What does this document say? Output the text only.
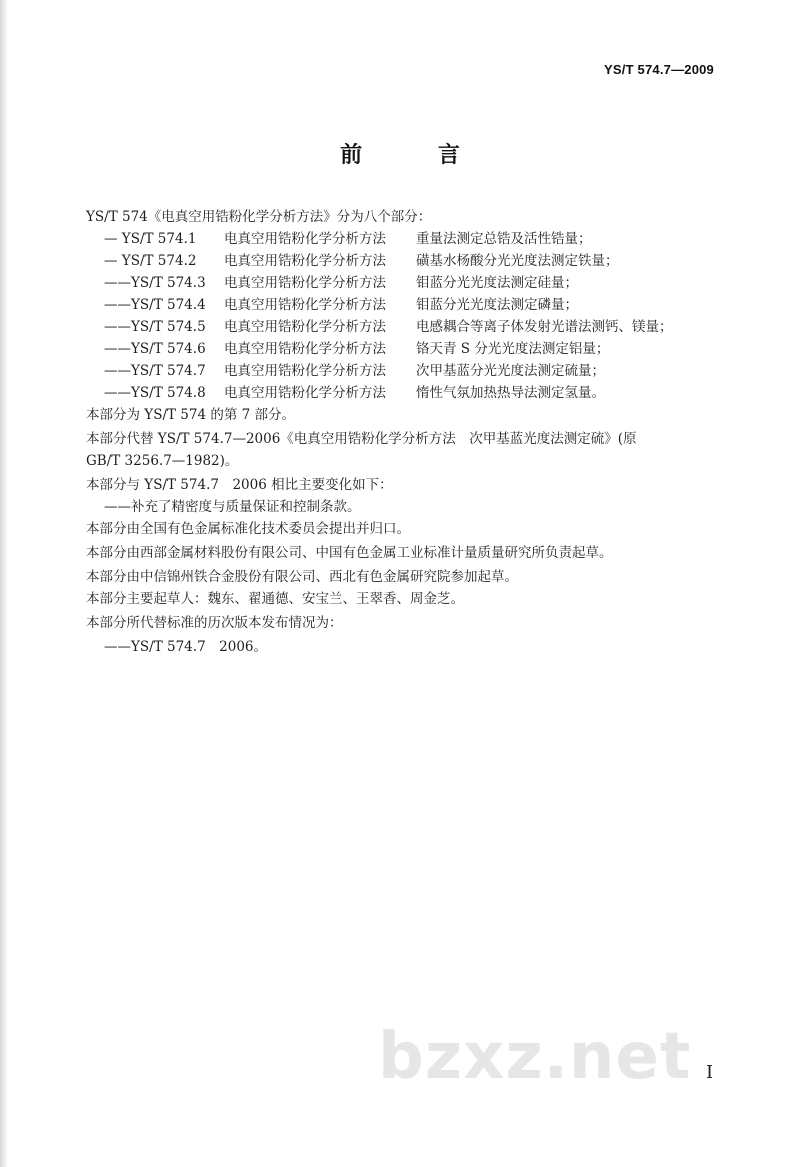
YS/T 574.7—2009
前 言
YS/T 574《电真空用锆粉化学分析方法》分为八个部分：
— YS/T 574.1 电真空用锆粉化学分析方法 重量法测定总锆及活性锆量；
— YS/T 574.2 电真空用锆粉化学分析方法 磺基水杨酸分光光度法测定铁量；
——YS/T 574.3 电真空用锆粉化学分析方法 钼蓝分光光度法测定硅量；
——YS/T 574.4 电真空用锆粉化学分析方法 钼蓝分光光度法测定磷量；
——YS/T 574.5 电真空用锆粉化学分析方法 电感耦合等离子体发射光谱法测钙、镁量；
——YS/T 574.6 电真空用锆粉化学分析方法 铬天青 S 分光光度法测定铝量；
——YS/T 574.7 电真空用锆粉化学分析方法 次甲基蓝分光光度法测定硫量；
——YS/T 574.8 电真空用锆粉化学分析方法 惰性气氛加热热导法测定氢量。
本部分为 YS/T 574 的第 7 部分。
本部分代替 YS/T 574.7—2006《电真空用锆粉化学分析方法　次甲基蓝光度法测定硫》(原
GB/T 3256.7—1982)。
本部分与 YS/T 574.7　2006 相比主要变化如下：
——补充了精密度与质量保证和控制条款。
本部分由全国有色金属标准化技术委员会提出并归口。
本部分由西部金属材料股份有限公司、中国有色金属工业标准计量质量研究所负责起草。
本部分由中信锦州铁合金股份有限公司、西北有色金属研究院参加起草。
本部分主要起草人：魏东、翟通德、安宝兰、王翠香、周金芝。
本部分所代替标准的历次版本发布情况为：
——YS/T 574.7　2006。
bzxz.net I
